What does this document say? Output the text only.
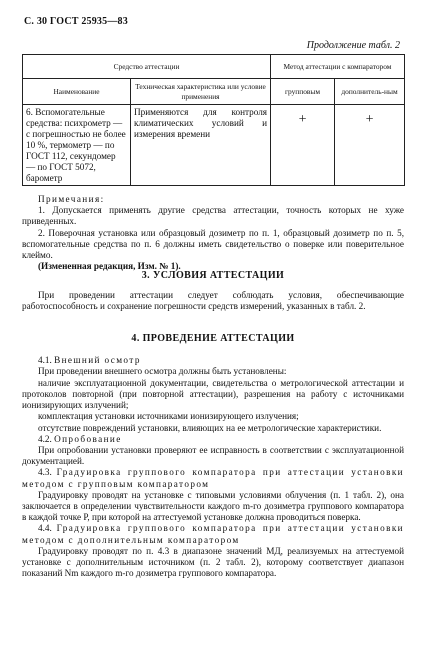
С. 30 ГОСТ 25935—83
Продолжение табл. 2
Средство аттестации		Метод аттестации с компаратором	
Наименование	Техническая характеристика или условие применения	групповым	дополнитель-ным
6. Вспомогательные средства: психрометр — с погрешностью не более 10 %, термометр — по ГОСТ 112, секундомер — по ГОСТ 5072, барометр	Применяются для контроля климатических условий и измерения времени	+	+

Примечания:

1. Допускается применять другие средства аттестации, точность которых не хуже приведенных.

2. Поверочная установка или образцовый дозиметр по п. 1, образцовый дозиметр по п. 5, вспомогательные средства по п. 6 должны иметь свидетельство о поверке или поверительное клеймо.

(Измененная редакция, Изм. № 1).

3. УСЛОВИЯ АТТЕСТАЦИИ

При проведении аттестации следует соблюдать условия, обеспечивающие работоспособность и сохранение погрешности средств измерений, указанных в табл. 2.

4. ПРОВЕДЕНИЕ АТТЕСТАЦИИ

4.1. Внешний осмотр

При проведении внешнего осмотра должны быть установлены:

наличие эксплуатационной документации, свидетельства о метрологической аттестации и протоколов повторной (при повторной аттестации), разрешения на работу с источниками ионизирующих излучений;

комплектация установки источниками ионизирующего излучения;

отсутствие повреждений установки, влияющих на ее метрологические характеристики.

4.2. Опробование

При опробовании установки проверяют ее исправность в соответствии с эксплуатационной документацией.

4.3. Градуировка группового компаратора при аттестации установки методом с групповым компаратором

Градуировку проводят на установке с типовыми условиями облучения (п. 1 табл. 2), она заключается в определении чувствительности каждого m-го дозиметра группового компаратора в каждой точке P, при которой на аттестуемой установке должна проводиться поверка.

4.4. Градуировка группового компаратора при аттестации установки методом с дополнительным компаратором

Градуировку проводят по п. 4.3 в диапазоне значений МД, реализуемых на аттестуемой установке с дополнительным источником (п. 2 табл. 2), которому соответствует диапазон показаний Nm каждого m-го дозиметра группового компаратора.
